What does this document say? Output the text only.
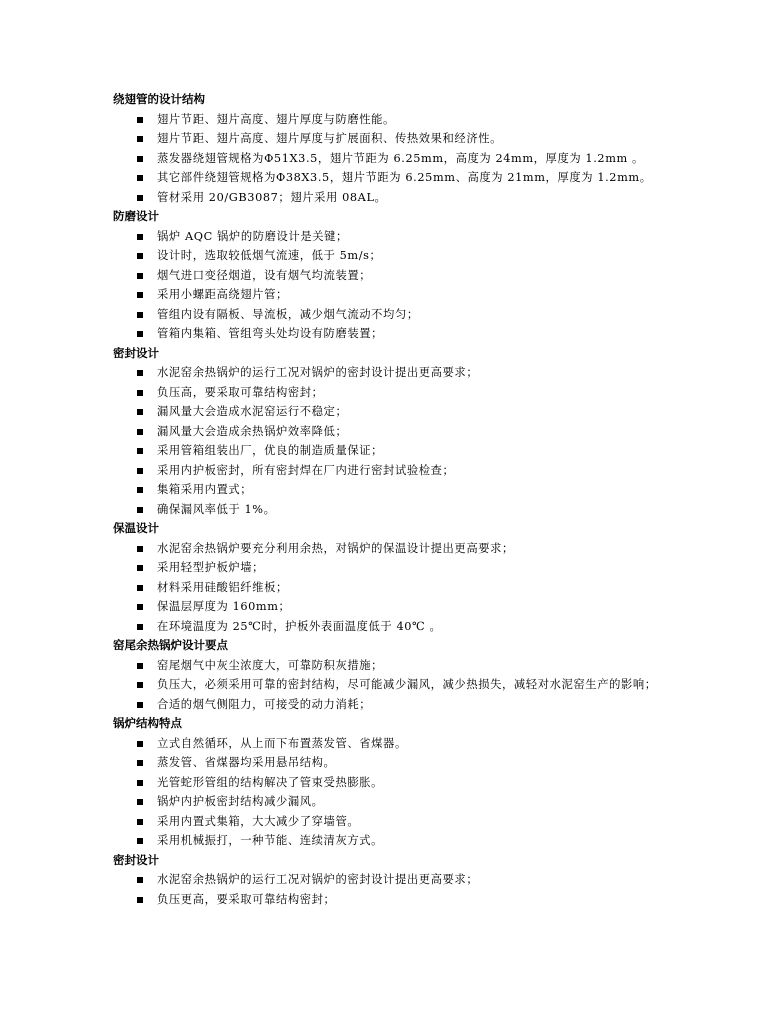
绕翅管的设计结构
翅片节距、翅片高度、翅片厚度与防磨性能。
翅片节距、翅片高度、翅片厚度与扩展面积、传热效果和经济性。
蒸发器绕翅管规格为Φ51X3.5，翅片节距为 6.25mm，高度为 24mm，厚度为 1.2mm 。
其它部件绕翅管规格为Φ38X3.5，翅片节距为 6.25mm、高度为 21mm，厚度为 1.2mm。
管材采用 20/GB3087；翅片采用 08AL。
防磨设计
锅炉 AQC 锅炉的防磨设计是关键；
设计时，选取较低烟气流速，低于 5m/s；
烟气进口变径烟道，设有烟气均流装置；
采用小螺距高绕翅片管；
管组内设有隔板、导流板，减少烟气流动不均匀；
管箱内集箱、管组弯头处均设有防磨装置；
密封设计
水泥窑余热锅炉的运行工况对锅炉的密封设计提出更高要求；
负压高，要采取可靠结构密封；
漏风量大会造成水泥窑运行不稳定；
漏风量大会造成余热锅炉效率降低；
采用管箱组装出厂，优良的制造质量保证；
采用内护板密封，所有密封焊在厂内进行密封试验检查；
集箱采用内置式；
确保漏风率低于 1%。
保温设计
水泥窑余热锅炉要充分利用余热，对锅炉的保温设计提出更高要求；
采用轻型护板炉墙；
材料采用硅酸铝纤维板；
保温层厚度为 160mm；
在环境温度为 25℃时，护板外表面温度低于 40℃ 。
窑尾余热锅炉设计要点
窑尾烟气中灰尘浓度大，可靠防积灰措施；
负压大，必须采用可靠的密封结构，尽可能减少漏风，减少热损失，减轻对水泥窑生产的影响；
合适的烟气侧阻力，可接受的动力消耗；
锅炉结构特点
立式自然循环，从上而下布置蒸发管、省煤器。
蒸发管、省煤器均采用悬吊结构。
光管蛇形管组的结构解决了管束受热膨胀。
锅炉内护板密封结构减少漏风。
采用内置式集箱，大大减少了穿墙管。
采用机械振打，一种节能、连续清灰方式。
密封设计
水泥窑余热锅炉的运行工况对锅炉的密封设计提出更高要求；
负压更高，要采取可靠结构密封；
